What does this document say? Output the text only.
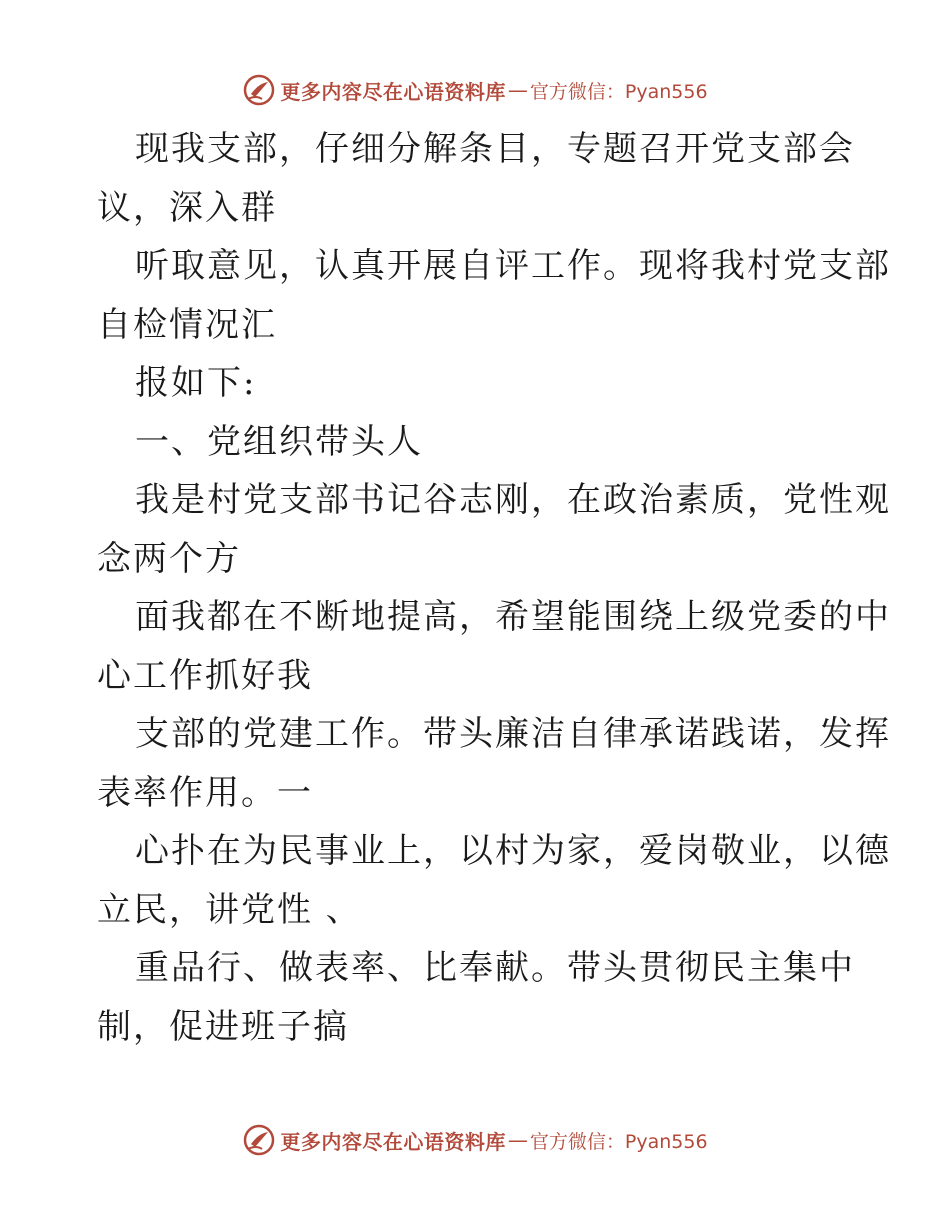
更多内容尽在心语资料库 — 官方微信：Pyan556
现我支部，仔细分解条目，专题召开党支部会
议，深入群
听取意见，认真开展自评工作。现将我村党支部
自检情况汇
报如下:
一、党组织带头人
我是村党支部书记谷志刚，在政治素质，党性观
念两个方
面我都在不断地提高，希望能围绕上级党委的中
心工作抓好我
支部的党建工作。带头廉洁自律承诺践诺，发挥
表率作用。一
心扑在为民事业上，以村为家，爱岗敬业，以德
立民，讲党性 、
重品行、做表率、比奉献。带头贯彻民主集中
制，促进班子搞
更多内容尽在心语资料库 — 官方微信：Pyan556
